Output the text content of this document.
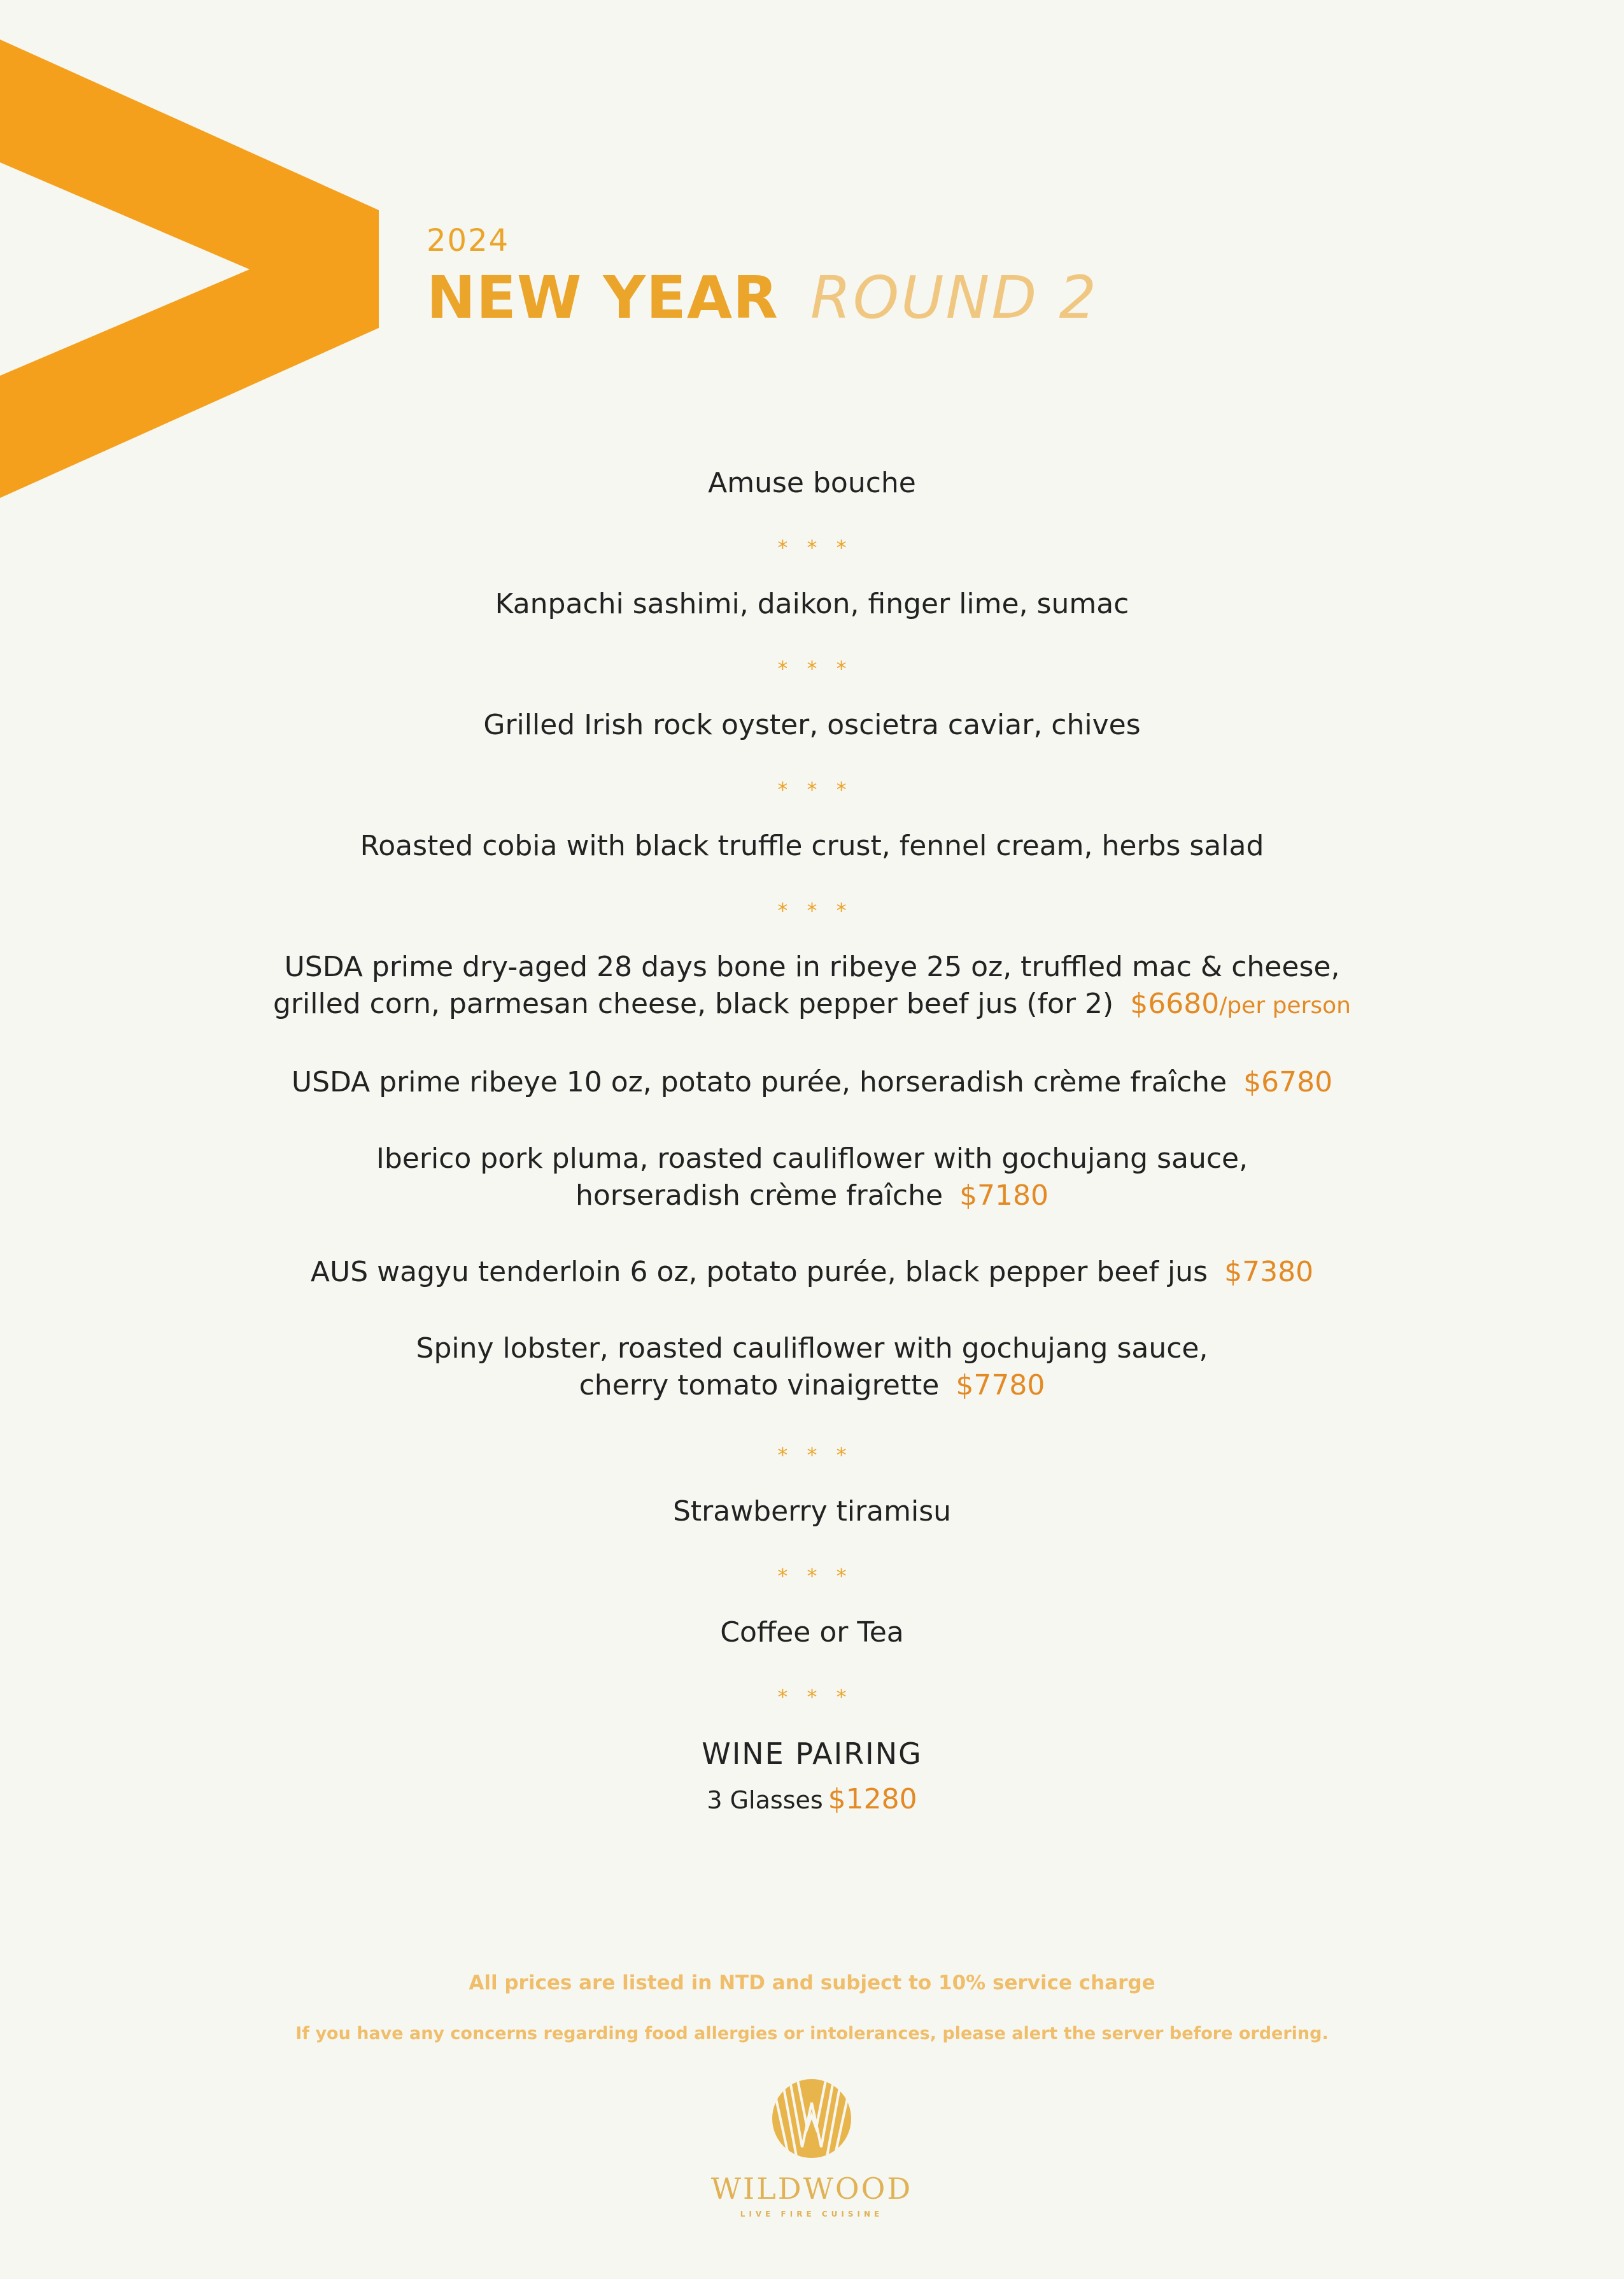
2024
NEW YEAR ROUND 2
Amuse bouche
* * *
Kanpachi sashimi, daikon, finger lime, sumac
* * *
Grilled Irish rock oyster, oscietra caviar, chives
* * *
Roasted cobia with black truffle crust, fennel cream, herbs salad
* * *
USDA prime dry-aged 28 days bone in ribeye 25 oz, truffled mac & cheese,
grilled corn, parmesan cheese, black pepper beef jus (for 2) $6680/per person
USDA prime ribeye 10 oz, potato purée, horseradish crème fraîche $6780
Iberico pork pluma, roasted cauliflower with gochujang sauce,
horseradish crème fraîche $7180
AUS wagyu tenderloin 6 oz, potato purée, black pepper beef jus $7380
Spiny lobster, roasted cauliflower with gochujang sauce,
cherry tomato vinaigrette $7780
* * *
Strawberry tiramisu
* * *
Coffee or Tea
* * *
WINE PAIRING
3 Glasses $1280
All prices are listed in NTD and subject to 10% service charge
If you have any concerns regarding food allergies or intolerances, please alert the server before ordering.
WILDWOOD
LIVE FIRE CUISINE
